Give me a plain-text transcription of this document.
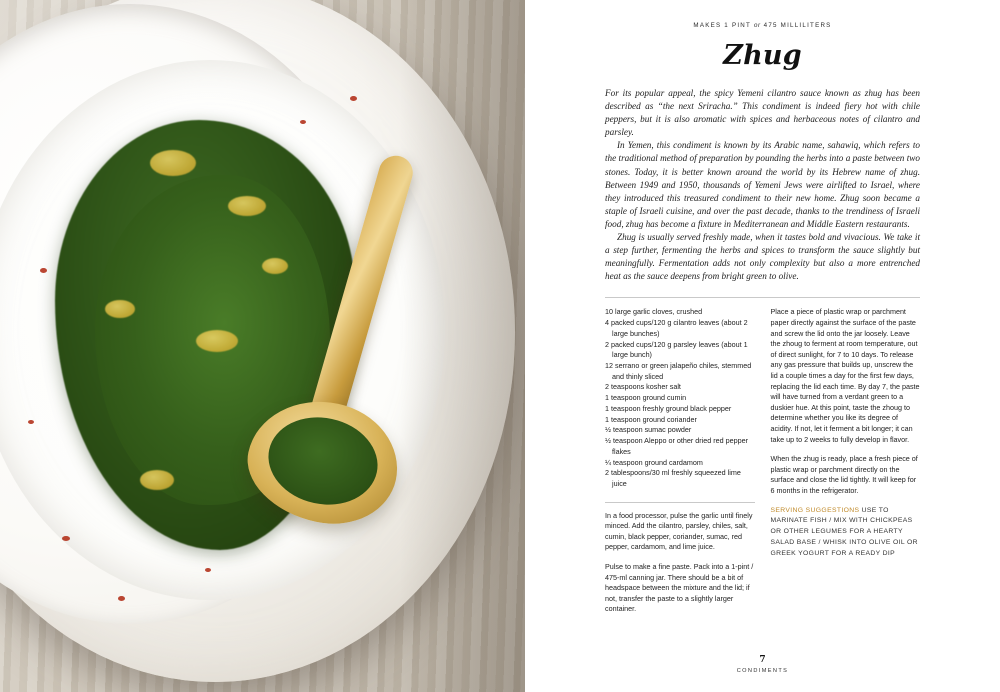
MAKES 1 PINT or 475 MILLILITERS
Zhug

For its popular appeal, the spicy Yemeni cilantro sauce known as zhug has been described as “the next Sriracha.” This condiment is indeed fiery hot with chile peppers, but it is also aromatic with spices and herbaceous notes of cilantro and parsley.

In Yemen, this condiment is known by its Arabic name, sahawiq, which refers to the traditional method of preparation by pounding the herbs into a paste between two stones. Today, it is better known around the world by its Hebrew name of zhug. Between 1949 and 1950, thousands of Yemeni Jews were airlifted to Israel, where they introduced this treasured condiment to their new home. Zhug soon became a staple of Israeli cuisine, and over the past decade, thanks to the trendiness of Israeli food, zhug has become a fixture in Mediterranean and Middle Eastern restaurants.

Zhug is usually served freshly made, when it tastes bold and vivacious. We take it a step further, fermenting the herbs and spices to transform the sauce slightly but meaningfully. Fermentation adds not only complexity but also a more entrenched heat as the sauce deepens from bright green to olive.

10 large garlic cloves, crushed
4 packed cups/120 g cilantro leaves (about 2 large bunches)
2 packed cups/120 g parsley leaves (about 1 large bunch)
12 serrano or green jalapeño chiles, stemmed and thinly sliced
2 teaspoons kosher salt
1 teaspoon ground cumin
1 teaspoon freshly ground black pepper
1 teaspoon ground coriander
½ teaspoon sumac powder
½ teaspoon Aleppo or other dried red pepper flakes
¼ teaspoon ground cardamom
2 tablespoons/30 ml freshly squeezed lime juice

In a food processor, pulse the garlic until finely minced. Add the cilantro, parsley, chiles, salt, cumin, black pepper, coriander, sumac, red pepper, cardamom, and lime juice.

Pulse to make a fine paste. Pack into a 1-pint / 475-ml canning jar. There should be a bit of headspace between the mixture and the lid; if not, transfer the paste to a slightly larger container.

Place a piece of plastic wrap or parchment paper directly against the surface of the paste and screw the lid onto the jar loosely. Leave the zhoug to ferment at room temperature, out of direct sunlight, for 7 to 10 days. To release any gas pressure that builds up, unscrew the lid a couple times a day for the first few days, replacing the lid each time. By day 7, the paste will have turned from a verdant green to a duskier hue. At this point, taste the zhoug to determine whether you like its degree of acidity. If not, let it ferment a bit longer; it can take up to 2 weeks to fully develop in flavor.

When the zhug is ready, place a fresh piece of plastic wrap or parchment directly on the surface and close the lid tightly. It will keep for 6 months in the refrigerator.

SERVING SUGGESTIONS USE TO MARINATE FISH / MIX WITH CHICKPEAS OR OTHER LEGUMES FOR A HEARTY SALAD BASE / WHISK INTO OLIVE OIL OR GREEK YOGURT FOR A READY DIP

7
CONDIMENTS
